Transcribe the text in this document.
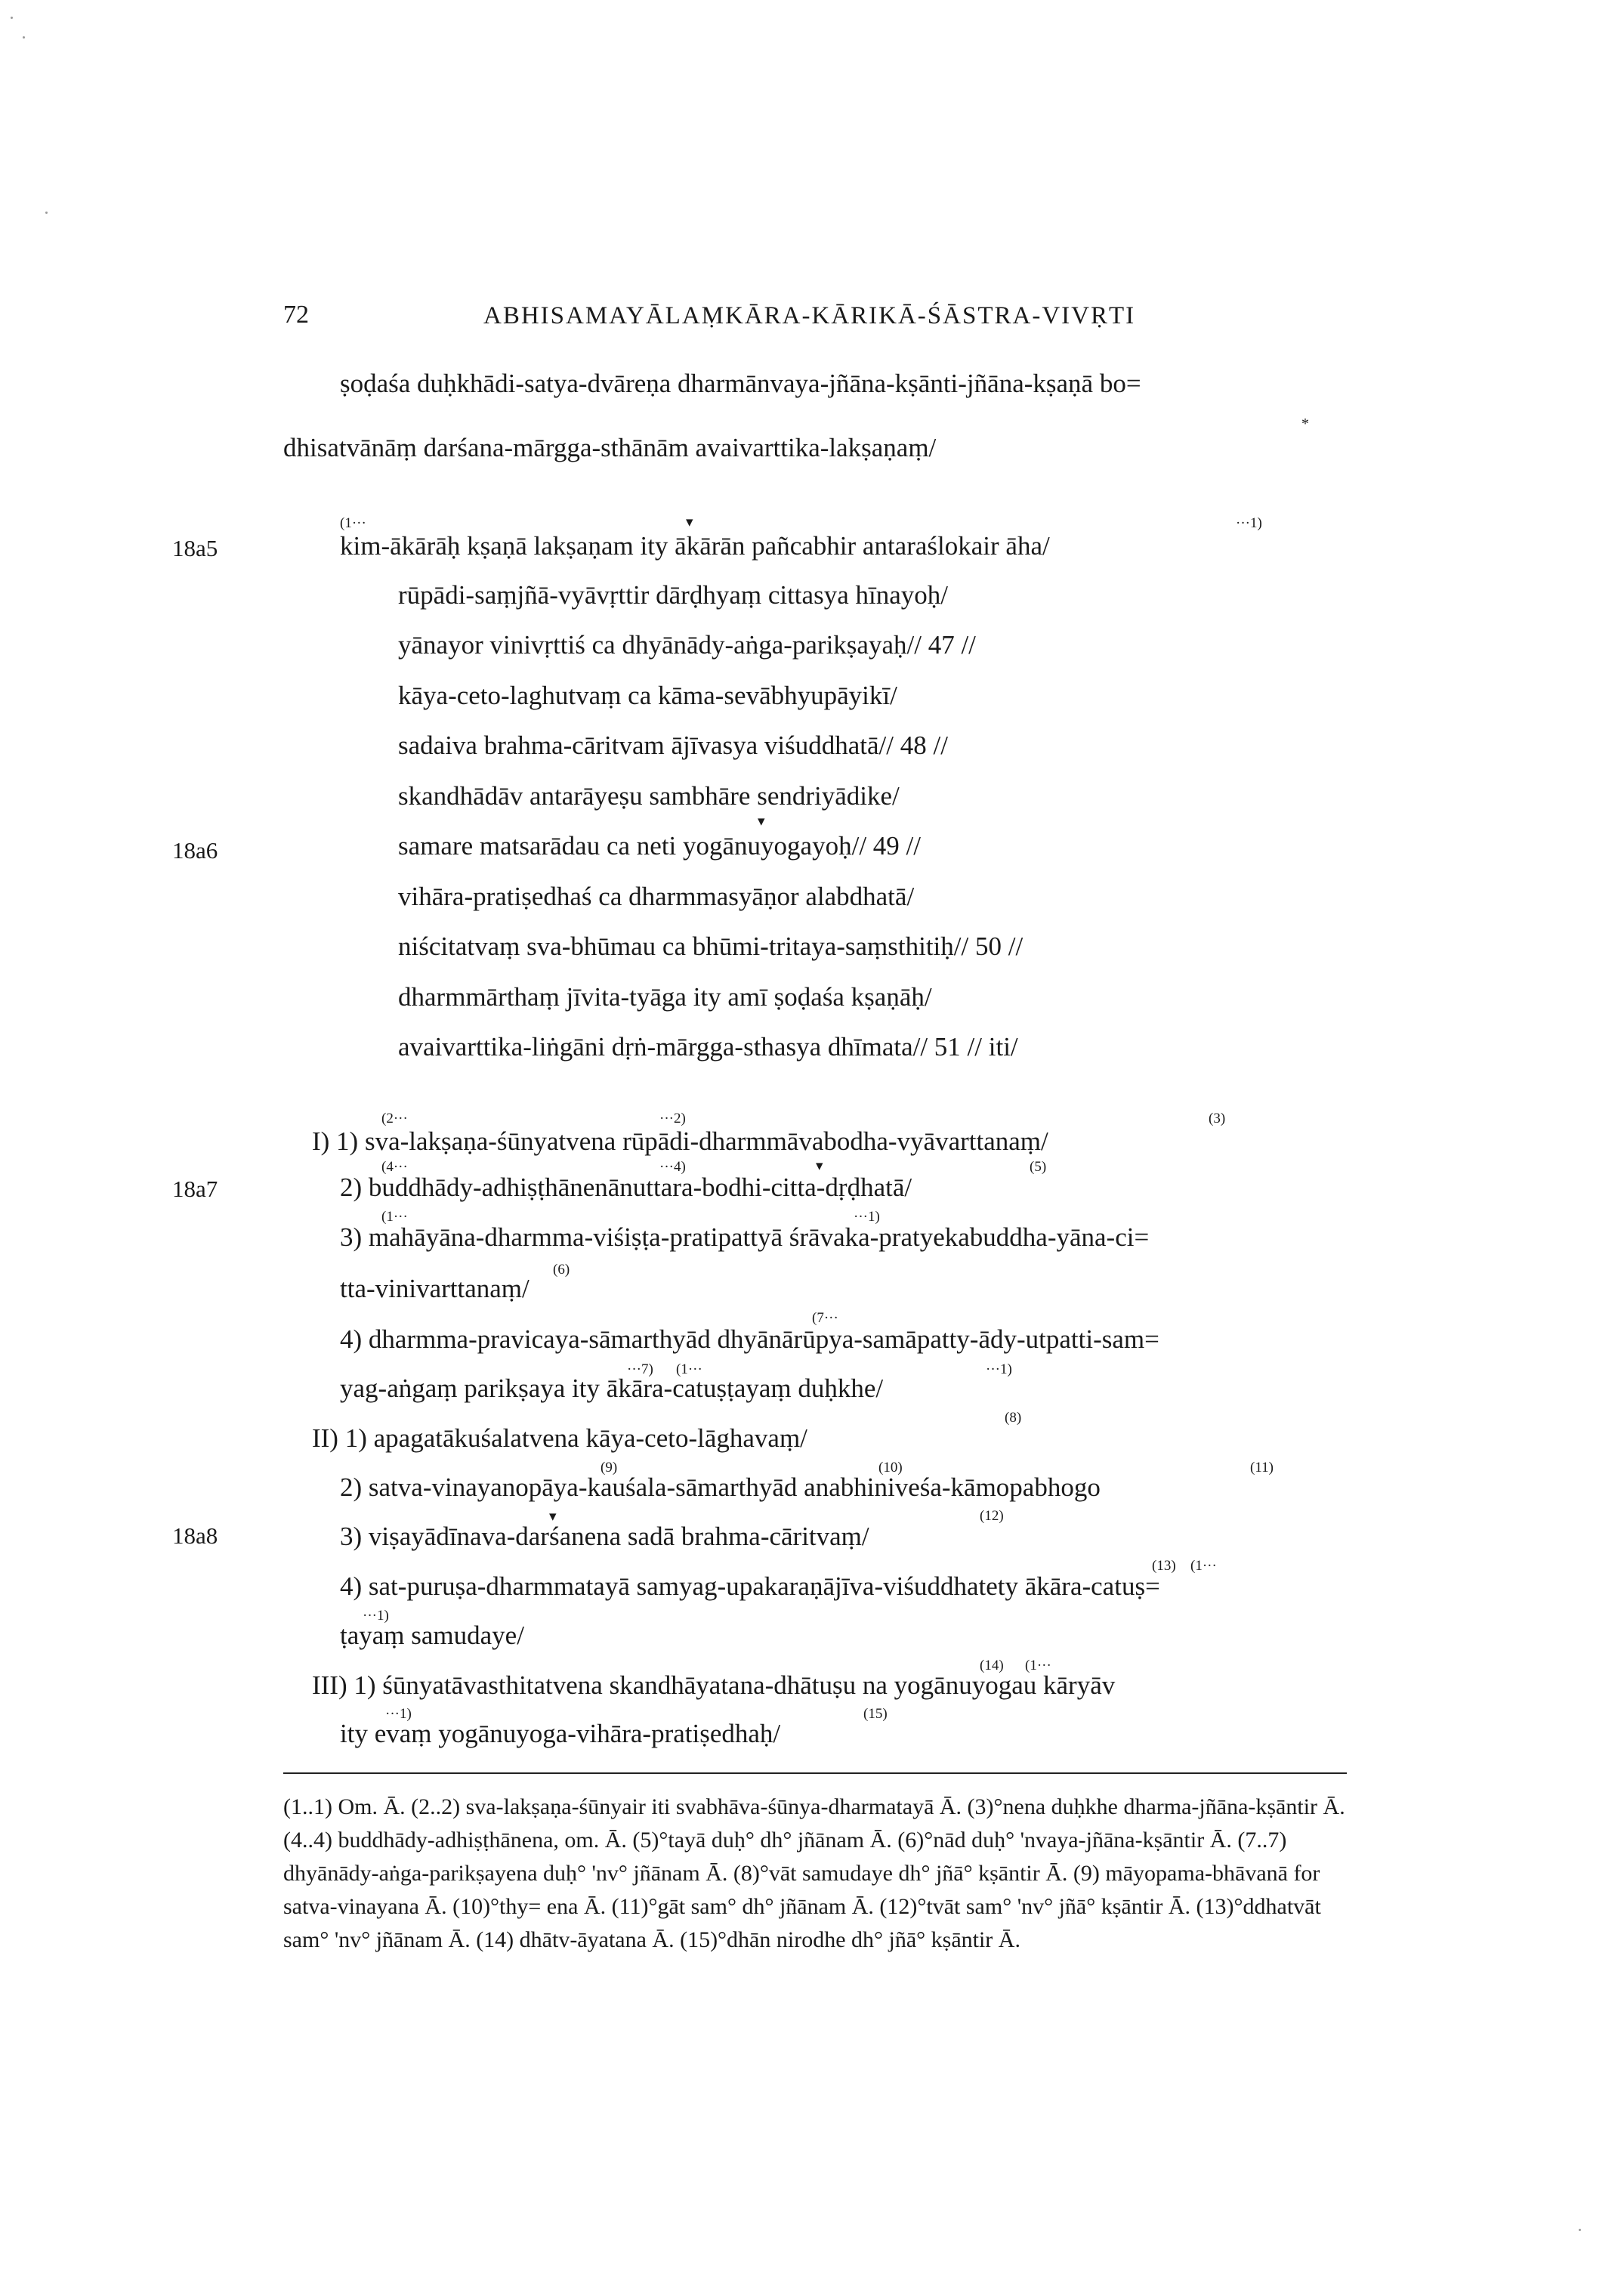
72	ABHISAMAYĀLAṂKĀRA-KĀRIKĀ-ŚĀSTRA-VIVṚTI
ṣoḍaśa duḥkhādi-satya-dvāreṇa dharmānvaya-jñāna-kṣānti-jñāna-kṣaṇā bo=
*
dhisatvānāṃ darśana-mārgga-sthānām avaivarttika-lakṣaṇaṃ/
18a5
18a6
18a7
18a8
(1···	▾	···1)
kim-ākārāḥ kṣaṇā lakṣaṇam ity ākārān pañcabhir antaraślokair āha/
rūpādi-saṃjñā-vyāvṛttir dārḍhyaṃ cittasya hīnayoḥ/
yānayor vinivṛttiś ca dhyānādy-aṅga-parikṣayaḥ// 47 //
kāya-ceto-laghutvaṃ ca kāma-sevābhyupāyikī/
sadaiva brahma-cāritvam ājīvasya viśuddhatā// 48 //
skandhādāv antarāyeṣu sambhāre sendriyādike/
▾
samare matsarādau ca neti yogānuyogayoḥ// 49 //
vihāra-pratiṣedhaś ca dharmmasyāṇor alabdhatā/
niścitatvaṃ sva-bhūmau ca bhūmi-tritaya-saṃsthitiḥ// 50 //
dharmmārthaṃ jīvita-tyāga ity amī ṣoḍaśa kṣaṇāḥ/
avaivarttika-liṅgāni dṛṅ-mārgga-sthasya dhīmata// 51 // iti/
(2···	···2)	(3)
I) 1) sva-lakṣaṇa-śūnyatvena rūpādi-dharmmāvabodha-vyāvarttanaṃ/
(4···	···4)	▾	(5)
2) buddhādy-adhiṣṭhānenānuttara-bodhi-citta-dṛḍhatā/
(1···	···1)
3) mahāyāna-dharmma-viśiṣṭa-pratipattyā śrāvaka-pratyekabuddha-yāna-ci=
(6)
tta-vinivarttanaṃ/
(7···
4) dharmma-pravicaya-sāmarthyād dhyānārūpya-samāpatty-ādy-utpatti-sam=
···7) (1···	···1)
yag-aṅgaṃ parikṣaya ity ākāra-catuṣṭayaṃ duḥkhe/
(8)
II) 1) apagatākuśalatvena kāya-ceto-lāghavaṃ/
(9)	(10)	(11)
2) satva-vinayanopāya-kauśala-sāmarthyād anabhiniveśa-kāmopabhogo
▾	(12)
3) viṣayādīnava-darśanena sadā brahma-cāritvaṃ/
(13) (1···
4) sat-puruṣa-dharmmatayā samyag-upakaraṇājīva-viśuddhatety ākāra-catuṣ=
···1)
ṭayaṃ samudaye/
(14) (1···
III) 1) śūnyatāvasthitatvena skandhāyatana-dhātuṣu na yogānuyogau kāryāv
···1)	(15)
ity evaṃ yogānuyoga-vihāra-pratiṣedhaḥ/
(1..1) Om. Ā. (2..2) sva-lakṣaṇa-śūnyair iti svabhāva-śūnya-dharmatayā Ā. (3)°nena duḥkhe dharma-jñāna-kṣāntir Ā. (4..4) buddhādy-adhiṣṭhānena, om. Ā. (5)°tayā duḥ° dh° jñānam Ā. (6)°nād duḥ° 'nvaya-jñāna-kṣāntir Ā. (7..7) dhyānādy-aṅga-parikṣayena duḥ° 'nv° jñānam Ā. (8)°vāt samudaye dh° jñā° kṣāntir Ā. (9) māyopama-bhāvanā for satva-vinayana Ā. (10)°thy= ena Ā. (11)°gāt sam° dh° jñānam Ā. (12)°tvāt sam° 'nv° jñā° kṣāntir Ā. (13)°ddhatvāt sam° 'nv° jñānam Ā. (14) dhātv-āyatana Ā. (15)°dhān nirodhe dh° jñā° kṣāntir Ā.
